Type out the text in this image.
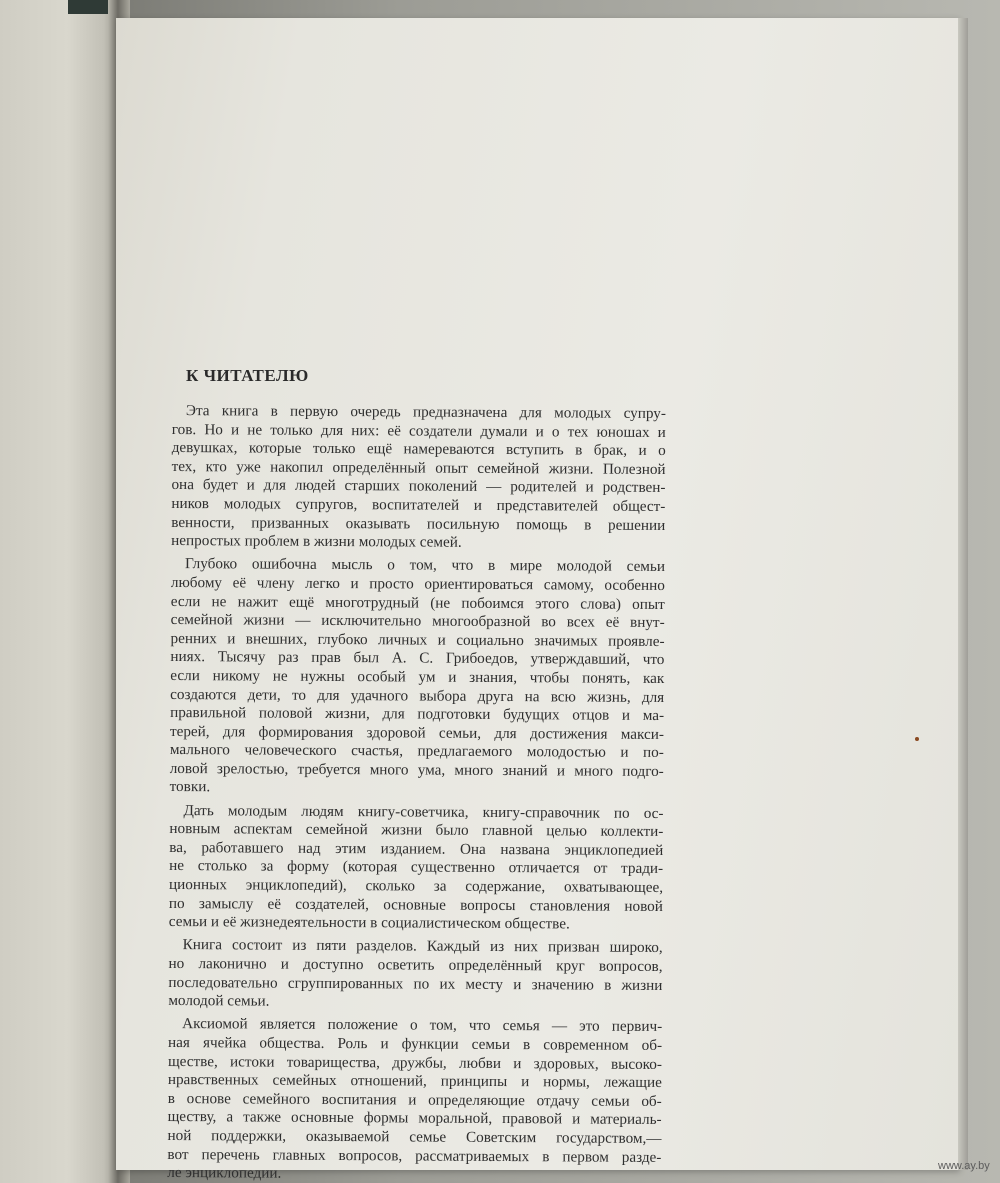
К ЧИТАТЕЛЮ
Эта книга в первую очередь предназначена для молодых супру-
гов. Но и не только для них: её создатели думали и о тех юношах и
девушках, которые только ещё намереваются вступить в брак, и о
тех, кто уже накопил определённый опыт семейной жизни. Полезной
она будет и для людей старших поколений — родителей и родствен-
ников молодых супругов, воспитателей и представителей общест-
венности, призванных оказывать посильную помощь в решении
непростых проблем в жизни молодых семей.
Глубоко ошибочна мысль о том, что в мире молодой семьи
любому её члену легко и просто ориентироваться самому, особенно
если не нажит ещё многотрудный (не побоимся этого слова) опыт
семейной жизни — исключительно многообразной во всех её внут-
ренних и внешних, глубоко личных и социально значимых проявле-
ниях. Тысячу раз прав был А. С. Грибоедов, утверждавший, что
если никому не нужны особый ум и знания, чтобы понять, как
создаются дети, то для удачного выбора друга на всю жизнь, для
правильной половой жизни, для подготовки будущих отцов и ма-
терей, для формирования здоровой семьи, для достижения макси-
мального человеческого счастья, предлагаемого молодостью и по-
ловой зрелостью, требуется много ума, много знаний и много подго-
товки.
Дать молодым людям книгу-советчика, книгу-справочник по ос-
новным аспектам семейной жизни было главной целью коллекти-
ва, работавшего над этим изданием. Она названа энциклопедией
не столько за форму (которая существенно отличается от тради-
ционных энциклопедий), сколько за содержание, охватывающее,
по замыслу её создателей, основные вопросы становления новой
семьи и её жизнедеятельности в социалистическом обществе.
Книга состоит из пяти разделов. Каждый из них призван широко,
но лаконично и доступно осветить определённый круг вопросов,
последовательно сгруппированных по их месту и значению в жизни
молодой семьи.
Аксиомой является положение о том, что семья — это первич-
ная ячейка общества. Роль и функции семьи в современном об-
ществе, истоки товарищества, дружбы, любви и здоровых, высоко-
нравственных семейных отношений, принципы и нормы, лежащие
в основе семейного воспитания и определяющие отдачу семьи об-
ществу, а также основные формы моральной, правовой и материаль-
ной поддержки, оказываемой семье Советским государством,—
вот перечень главных вопросов, рассматриваемых в первом разде-
ле энциклопедии.	www.ay.by
